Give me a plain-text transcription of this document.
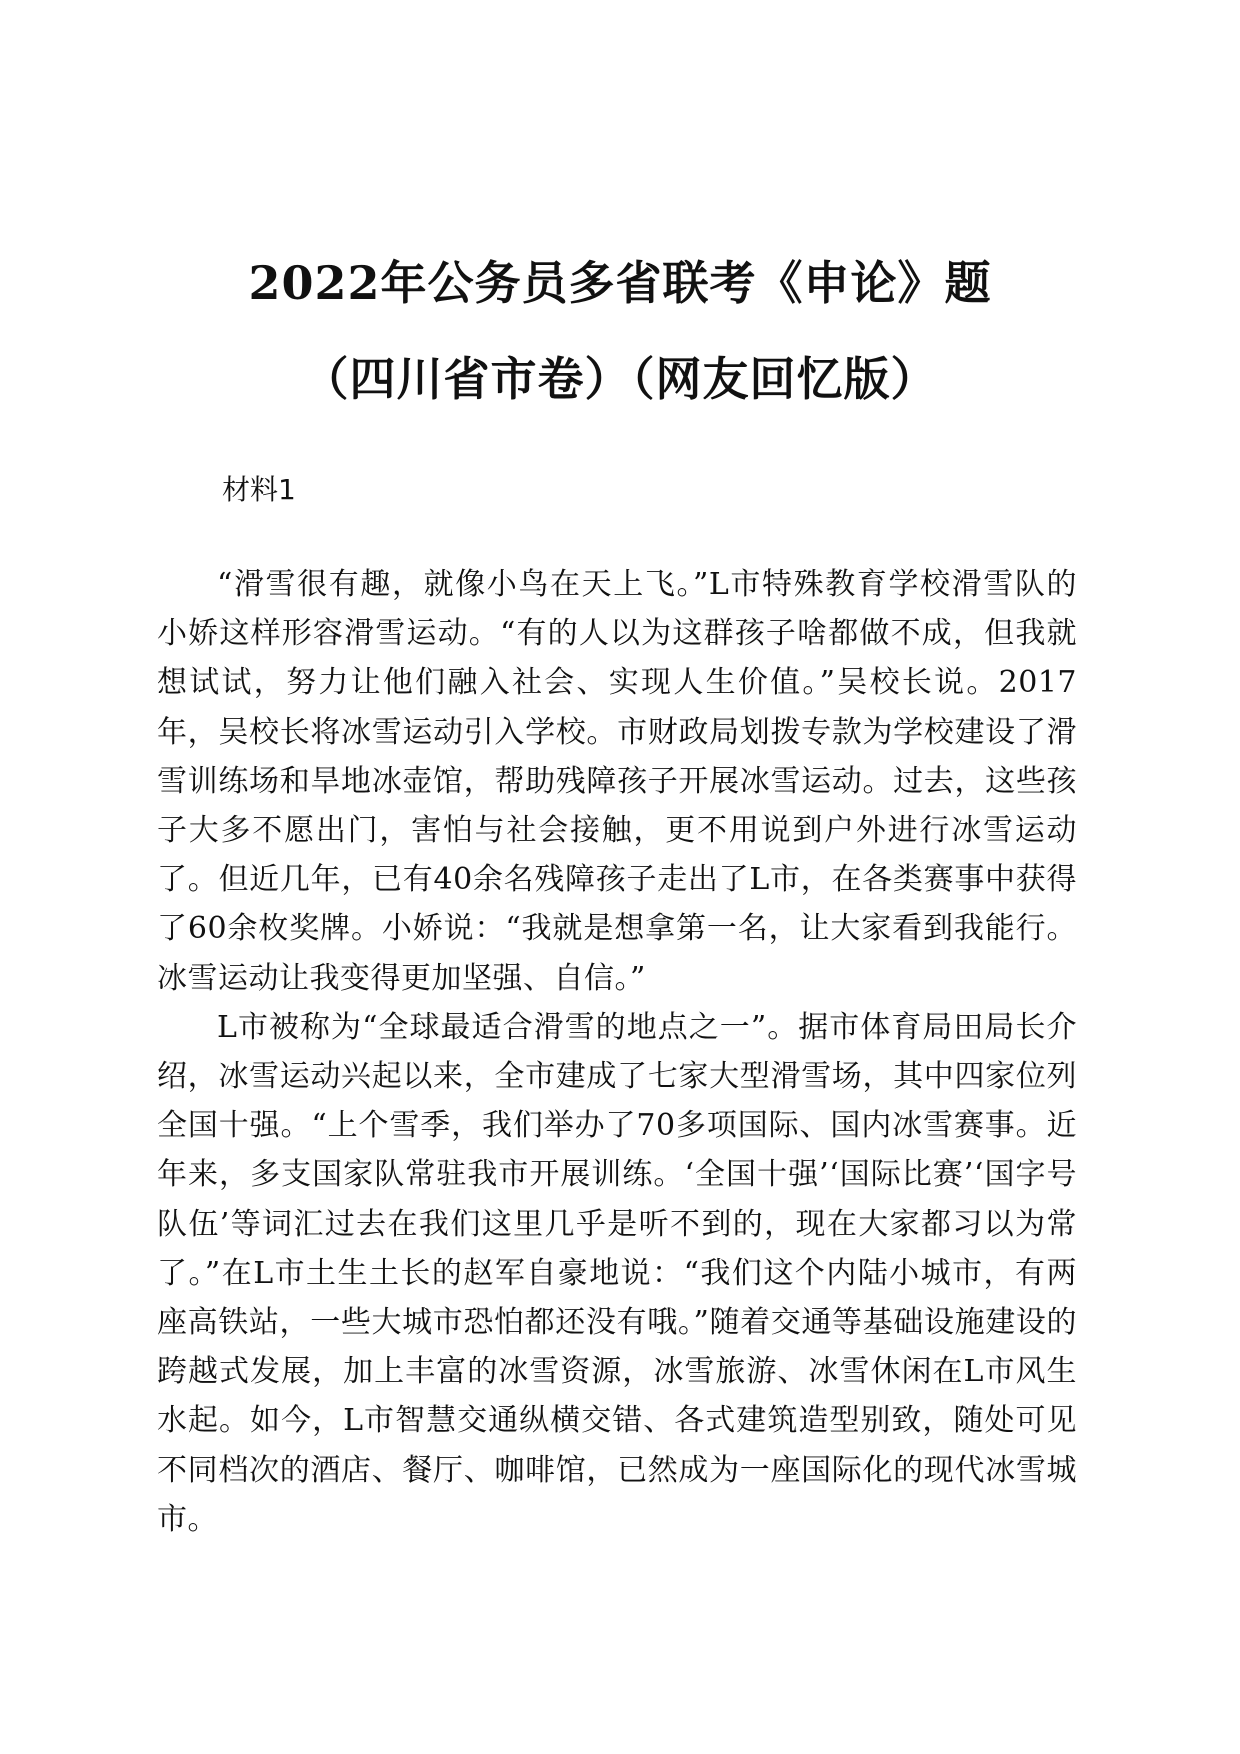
2022年公务员多省联考《申论》题
（四川省市卷）（网友回忆版）

材料1

“滑雪很有趣，就像小鸟在天上飞。”L市特殊教育学校滑雪队的小娇这样形容滑雪运动。“有的人以为这群孩子啥都做不成，但我就想试试，努力让他们融入社会、实现人生价值。”吴校长说。2017年，吴校长将冰雪运动引入学校。市财政局划拨专款为学校建设了滑雪训练场和旱地冰壶馆，帮助残障孩子开展冰雪运动。过去，这些孩子大多不愿出门，害怕与社会接触，更不用说到户外进行冰雪运动了。但近几年，已有40余名残障孩子走出了L市，在各类赛事中获得了60余枚奖牌。小娇说：“我就是想拿第一名，让大家看到我能行。冰雪运动让我变得更加坚强、自信。”

L市被称为“全球最适合滑雪的地点之一”。据市体育局田局长介绍，冰雪运动兴起以来，全市建成了七家大型滑雪场，其中四家位列全国十强。“上个雪季，我们举办了70多项国际、国内冰雪赛事。近年来，多支国家队常驻我市开展训练。‘全国十强’‘国际比赛’‘国字号队伍’等词汇过去在我们这里几乎是听不到的，现在大家都习以为常了。”在L市土生土长的赵军自豪地说：“我们这个内陆小城市，有两座高铁站，一些大城市恐怕都还没有哦。”随着交通等基础设施建设的跨越式发展，加上丰富的冰雪资源，冰雪旅游、冰雪休闲在L市风生水起。如今，L市智慧交通纵横交错、各式建筑造型别致，随处可见不同档次的酒店、餐厅、咖啡馆，已然成为一座国际化的现代冰雪城市。
